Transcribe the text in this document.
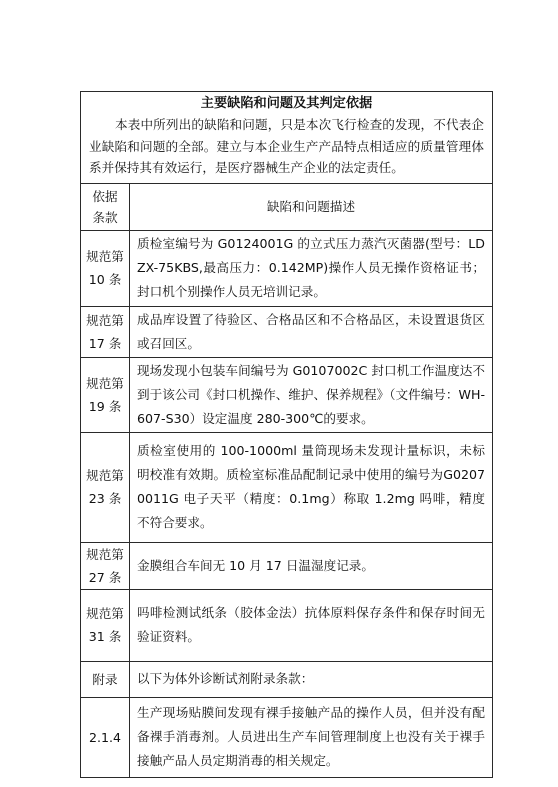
主要缺陷和问题及其判定依据
本表中所列出的缺陷和问题，只是本次飞行检查的发现，不代表企业缺陷和问题的全部。建立与本企业生产产品特点相适应的质量管理体系并保持其有效运行，是医疗器械生产企业的法定责任。	

依据
条款	缺陷和问题描述

规范第
10 条	质检室编号为 G0124001G 的立式压力蒸汽灭菌器(型号：LDZX-75KBS,最高压力：0.142MP)操作人员无操作资格证书；封口机个别操作人员无培训记录。

规范第
17 条	成品库设置了待验区、合格品区和不合格品区，未设置退货区或召回区。

规范第
19 条	现场发现小包装车间编号为 G0107002C 封口机工作温度达不到于该公司《封口机操作、维护、保养规程》（文件编号：WH-607-S30）设定温度 280-300℃的要求。

规范第
23 条	质检室使用的 100-1000ml 量筒现场未发现计量标识，未标明校准有效期。质检室标准品配制记录中使用的编号为G02070011G 电子天平（精度：0.1mg）称取 1.2mg 吗啡，精度不符合要求。

规范第
27 条	金膜组合车间无 10 月 17 日温湿度记录。

规范第
31 条	吗啡检测试纸条（胶体金法）抗体原料保存条件和保存时间无验证资料。

附录	以下为体外诊断试剂附录条款：

2.1.4	生产现场贴膜间发现有裸手接触产品的操作人员，但并没有配备裸手消毒剂。人员进出生产车间管理制度上也没有关于裸手接触产品人员定期消毒的相关规定。
